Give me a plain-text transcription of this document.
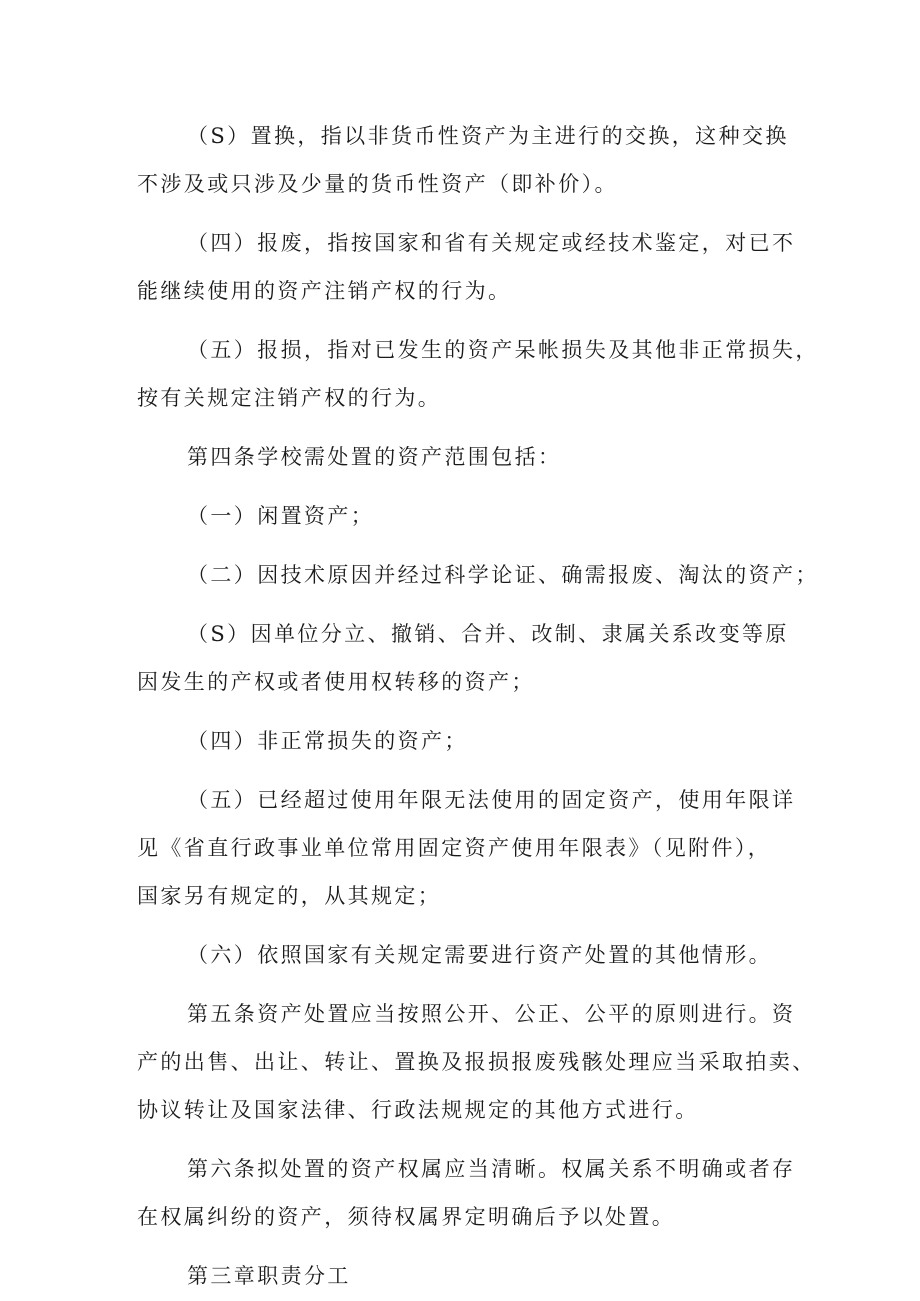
（S）置换，指以非货币性资产为主进行的交换，这种交换

不涉及或只涉及少量的货币性资产（即补价）。

（四）报废，指按国家和省有关规定或经技术鉴定，对已不

能继续使用的资产注销产权的行为。

（五）报损，指对已发生的资产呆帐损失及其他非正常损失，

按有关规定注销产权的行为。

第四条学校需处置的资产范围包括：

（一）闲置资产；

（二）因技术原因并经过科学论证、确需报废、淘汰的资产；

（S）因单位分立、撤销、合并、改制、隶属关系改变等原

因发生的产权或者使用权转移的资产；

（四）非正常损失的资产；

（五）已经超过使用年限无法使用的固定资产，使用年限详

见《省直行政事业单位常用固定资产使用年限表》（见附件），

国家另有规定的，从其规定；

（六）依照国家有关规定需要进行资产处置的其他情形。

第五条资产处置应当按照公开、公正、公平的原则进行。资

产的出售、出让、转让、置换及报损报废残骸处理应当采取拍卖、

协议转让及国家法律、行政法规规定的其他方式进行。

第六条拟处置的资产权属应当清晰。权属关系不明确或者存

在权属纠纷的资产，须待权属界定明确后予以处置。

第三章职责分工
